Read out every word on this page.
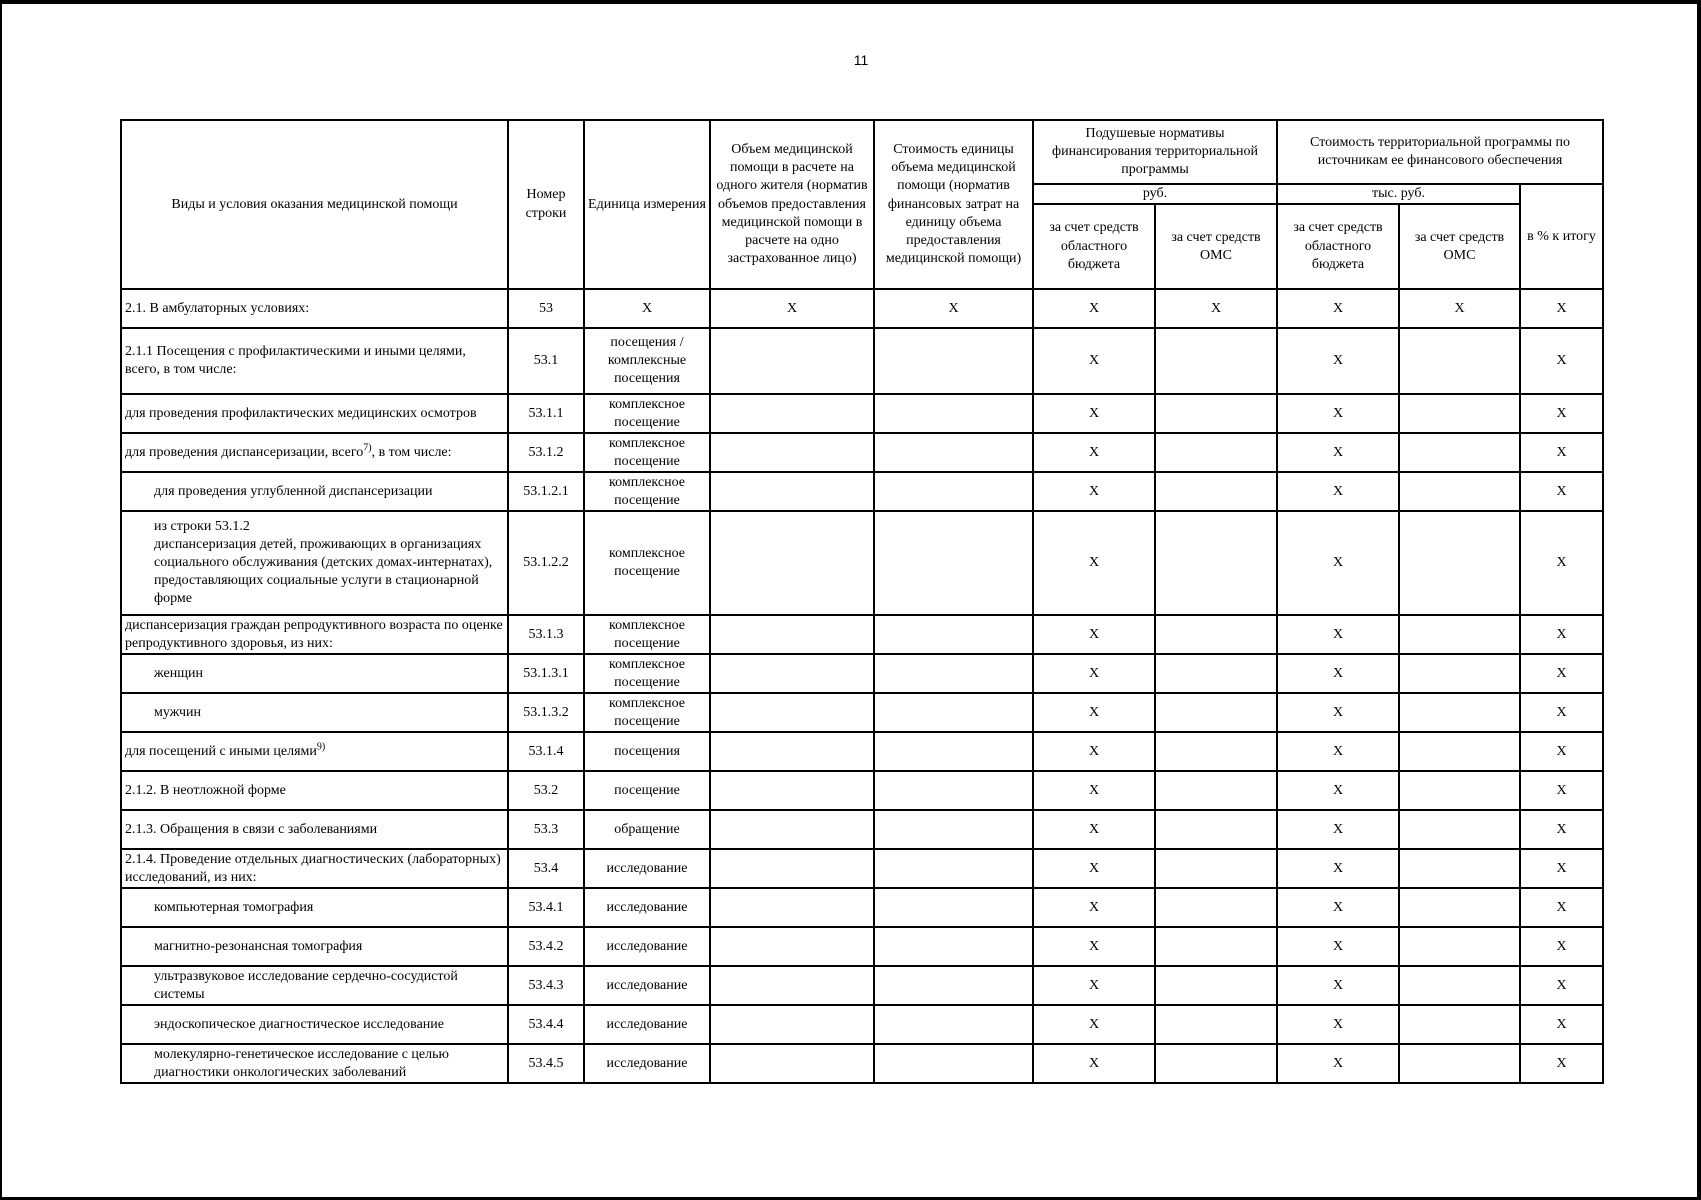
11
Виды и условия оказания медицинской помощи	Номер строки	Единица измерения	Объем медицинской помощи в расчете на одного жителя (норматив объемов предоставления медицинской помощи в расчете на одно застрахованное лицо)	Стоимость единицы объема медицинской помощи (норматив финансовых затрат на единицу объема предоставления медицинской помощи)	Подушевые нормативы финансирования территориальной программы		Стоимость территориальной программы по источникам ее финансового обеспечения		
					руб.		тыс. руб.		в % к итогу
					за счет средств областного бюджета	за счет средств ОМС	за счет средств областного бюджета	за счет средств ОМС	
2.1. В амбулаторных условиях:	53	X	X	X	X	X	X	X	X
2.1.1 Посещения с профилактическими и иными целями, всего, в том числе:	53.1	посещения / комплексные посещения			X		X		X
для проведения профилактических медицинских осмотров	53.1.1	комплексное посещение			X		X		X
для проведения диспансеризации, всего$^{7)}$, в том числе:	53.1.2	комплексное посещение			X		X		X
для проведения углубленной диспансеризации	53.1.2.1	комплексное посещение			X		X		X

из строки 53.1.2
диспансеризация детей, проживающих в организациях социального обслуживания (детских домах-интернатах), предоставляющих социальные услуги в стационарной форме	53.1.2.2	комплексное посещение			X		X		X
диспансеризация граждан репродуктивного возраста по оценке репродуктивного здоровья, из них:	53.1.3	комплексное посещение			X		X		X
женщин	53.1.3.1	комплексное посещение			X		X		X
мужчин	53.1.3.2	комплексное посещение			X		X		X
для посещений с иными целями$^{9)}$	53.1.4	посещения			X		X		X
2.1.2. В неотложной форме	53.2	посещение			X		X		X
2.1.3. Обращения в связи с заболеваниями	53.3	обращение			X		X		X
2.1.4. Проведение отдельных диагностических (лабораторных) исследований, из них:	53.4	исследование			X		X		X
компьютерная томография	53.4.1	исследование			X		X		X
магнитно-резонансная томография	53.4.2	исследование			X		X		X
ультразвуковое исследование сердечно-сосудистой системы	53.4.3	исследование			X		X		X
эндоскопическое диагностическое исследование	53.4.4	исследование			X		X		X
молекулярно-генетическое исследование с целью диагностики онкологических заболеваний	53.4.5	исследование			X		X		X
